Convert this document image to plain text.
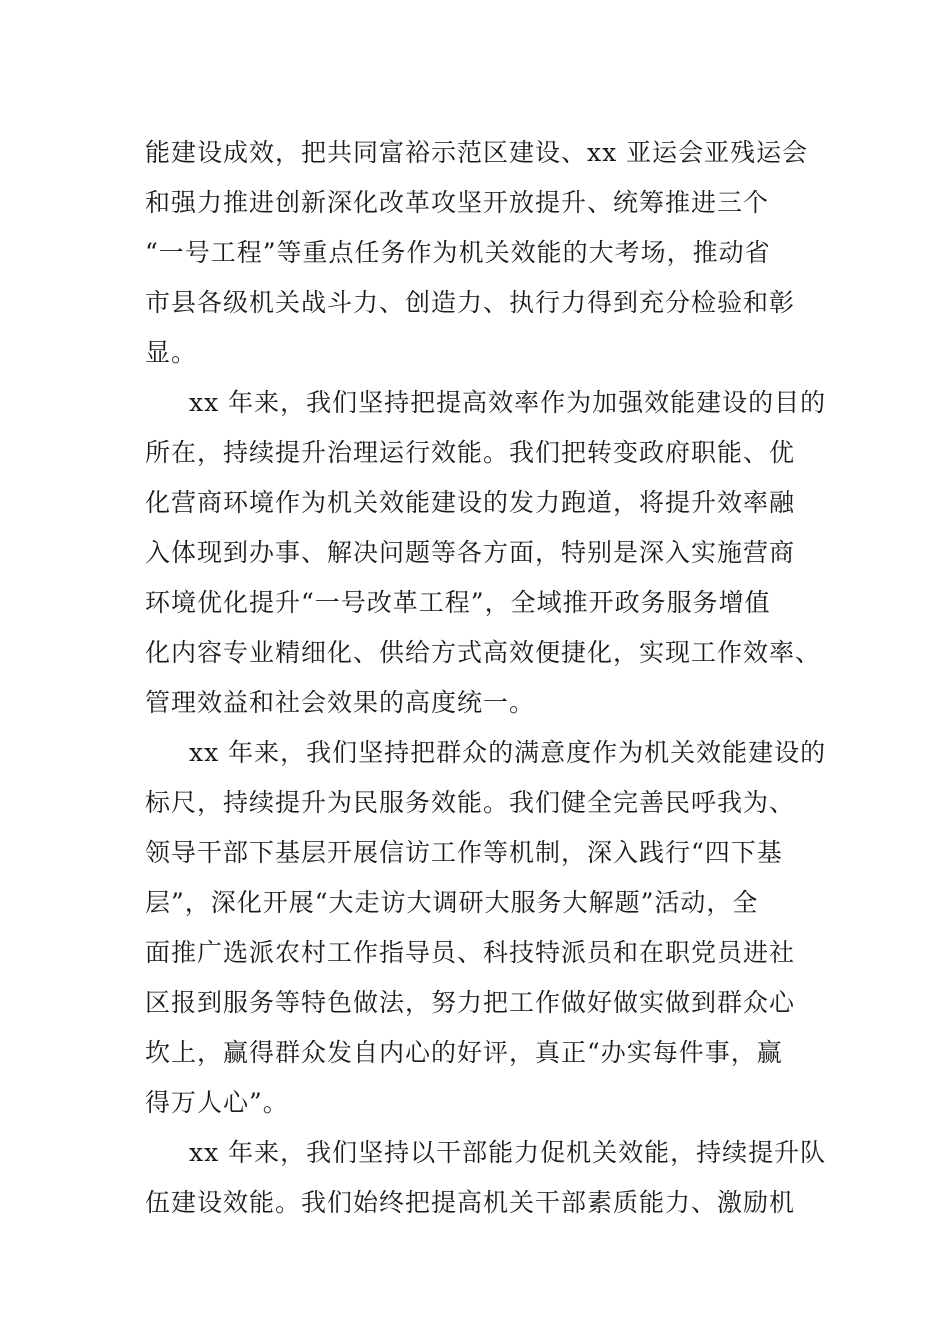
能建设成效，把共同富裕示范区建设、xx 亚运会亚残运会
和强力推进创新深化改革攻坚开放提升、统筹推进三个
“一号工程”等重点任务作为机关效能的大考场，推动省
市县各级机关战斗力、创造力、执行力得到充分检验和彰
显。
xx 年来，我们坚持把提高效率作为加强效能建设的目的
所在，持续提升治理运行效能。我们把转变政府职能、优
化营商环境作为机关效能建设的发力跑道，将提升效率融
入体现到办事、解决问题等各方面，特别是深入实施营商
环境优化提升“一号改革工程”，全域推开政务服务增值
化内容专业精细化、供给方式高效便捷化，实现工作效率、
管理效益和社会效果的高度统一。
xx 年来，我们坚持把群众的满意度作为机关效能建设的
标尺，持续提升为民服务效能。我们健全完善民呼我为、
领导干部下基层开展信访工作等机制，深入践行“四下基
层”，深化开展“大走访大调研大服务大解题”活动，全
面推广选派农村工作指导员、科技特派员和在职党员进社
区报到服务等特色做法，努力把工作做好做实做到群众心
坎上，赢得群众发自内心的好评，真正“办实每件事，赢
得万人心”。
xx 年来，我们坚持以干部能力促机关效能，持续提升队
伍建设效能。我们始终把提高机关干部素质能力、激励机
